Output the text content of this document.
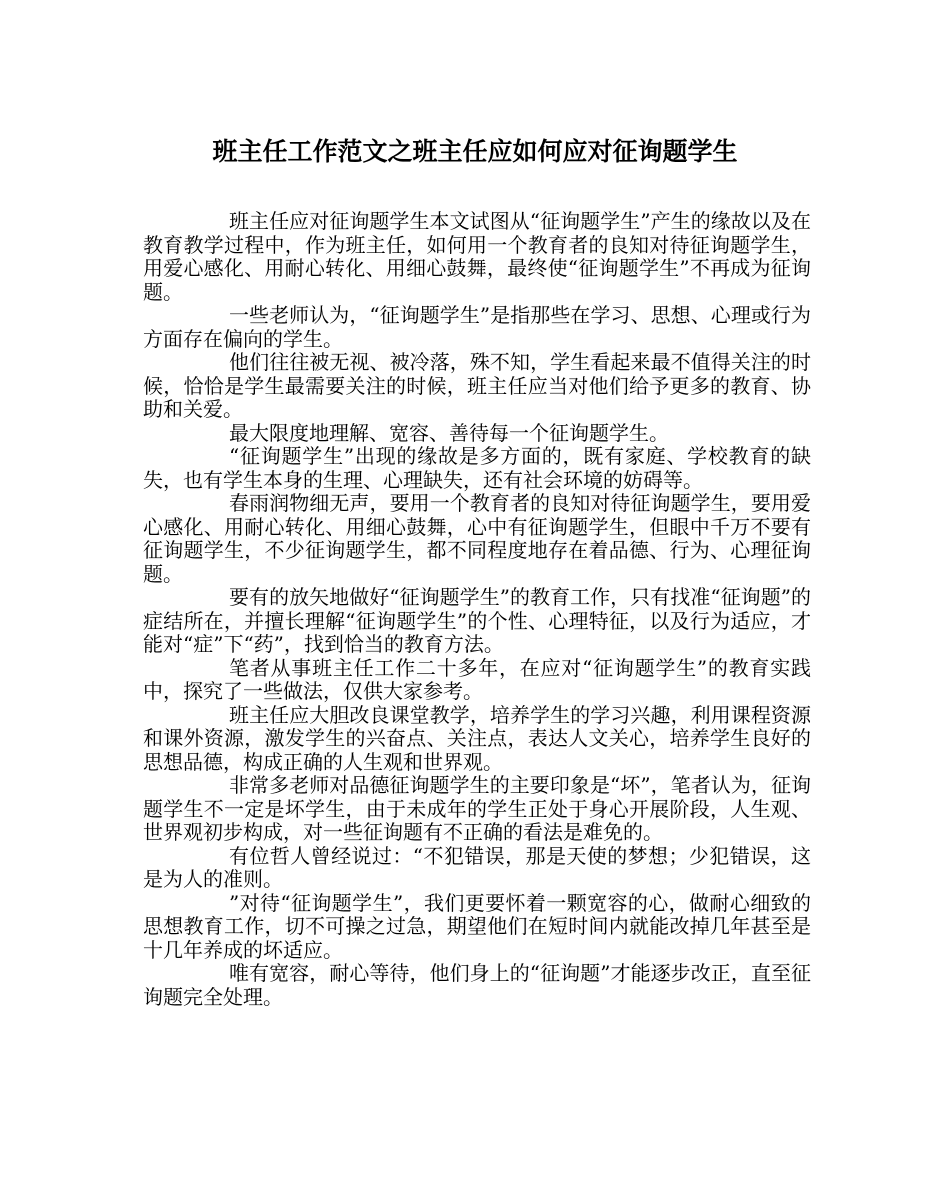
班主任工作范文之班主任应如何应对征询题学生

班主任应对征询题学生本文试图从“征询题学生”产生的缘故以及在教育教学过程中，作为班主任，如何用一个教育者的良知对待征询题学生，用爱心感化、用耐心转化、用细心鼓舞，最终使“征询题学生”不再成为征询题。

一些老师认为，“征询题学生”是指那些在学习、思想、心理或行为方面存在偏向的学生。

他们往往被无视、被冷落，殊不知，学生看起来最不值得关注的时候，恰恰是学生最需要关注的时候，班主任应当对他们给予更多的教育、协助和关爱。

最大限度地理解、宽容、善待每一个征询题学生。

“征询题学生”出现的缘故是多方面的，既有家庭、学校教育的缺失，也有学生本身的生理、心理缺失，还有社会环境的妨碍等。

春雨润物细无声，要用一个教育者的良知对待征询题学生，要用爱心感化、用耐心转化、用细心鼓舞，心中有征询题学生，但眼中千万不要有征询题学生，不少征询题学生，都不同程度地存在着品德、行为、心理征询题。

要有的放矢地做好“征询题学生”的教育工作，只有找准“征询题”的症结所在，并擅长理解“征询题学生”的个性、心理特征，以及行为适应，才能对“症”下“药”，找到恰当的教育方法。

笔者从事班主任工作二十多年，在应对“征询题学生”的教育实践中，探究了一些做法，仅供大家参考。

班主任应大胆改良课堂教学，培养学生的学习兴趣，利用课程资源和课外资源，激发学生的兴奋点、关注点，表达人文关心，培养学生良好的思想品德，构成正确的人生观和世界观。

非常多老师对品德征询题学生的主要印象是“坏”，笔者认为，征询题学生不一定是坏学生，由于未成年的学生正处于身心开展阶段，人生观、世界观初步构成，对一些征询题有不正确的看法是难免的。

有位哲人曾经说过：“不犯错误，那是天使的梦想；少犯错误，这是为人的准则。

”对待“征询题学生”，我们更要怀着一颗宽容的心，做耐心细致的思想教育工作，切不可操之过急，期望他们在短时间内就能改掉几年甚至是十几年养成的坏适应。

唯有宽容，耐心等待，他们身上的“征询题”才能逐步改正，直至征询题完全处理。
